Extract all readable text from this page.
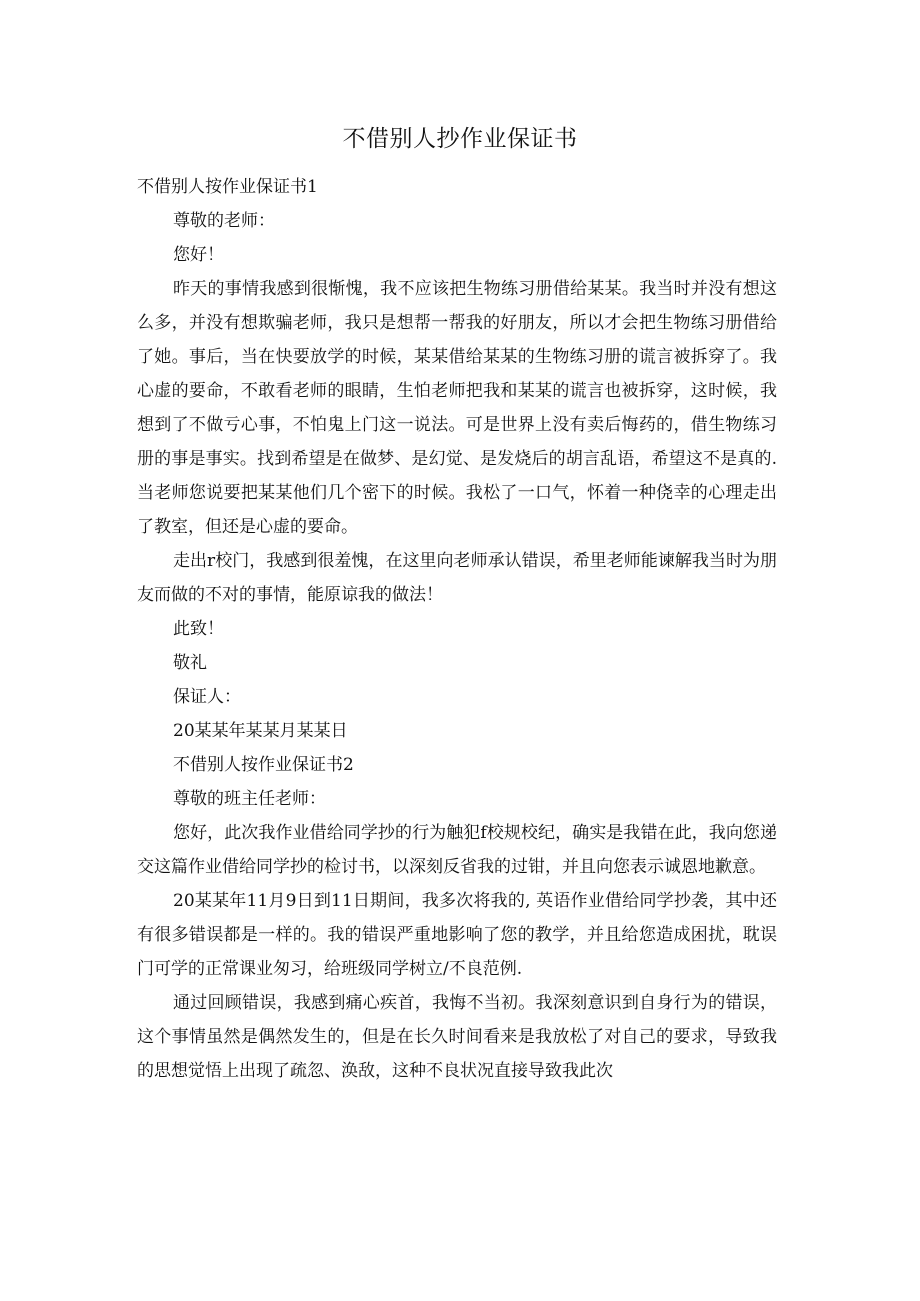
不借别人抄作业保证书

不借别人按作业保证书1

尊敬的老师：

您好！

昨天的事情我感到很惭愧，我不应该把生物练习册借给某某。我当时并没有想这么多，并没有想欺骗老师，我只是想帮一帮我的好朋友，所以才会把生物练习册借给了她。事后，当在快要放学的时候，某某借给某某的生物练习册的谎言被拆穿了。我心虚的要命，不敢看老师的眼睛，生怕老师把我和某某的谎言也被拆穿，这时候，我想到了不做亏心事，不怕鬼上门这一说法。可是世界上没有卖后悔药的，借生物练习册的事是事实。找到希望是在做梦、是幻觉、是发烧后的胡言乱语，希望这不是真的. 当老师您说要把某某他们几个密下的时候。我松了一口气，怀着一种侥幸的心理走出了教室，但还是心虚的要命。

走出r校门，我感到很羞愧，在这里向老师承认错误，希里老师能谏解我当时为朋友而做的不对的事情，能原谅我的做法！

此致！

敬礼

保证人：

20某某年某某月某某日

不借别人按作业保证书2

尊敬的班主任老师：

您好，此次我作业借给同学抄的行为触犯f校规校纪，确实是我错在此，我向您递交这篇作业借给同学抄的检讨书，以深刻反省我的过钳，并且向您表示诚恩地歉意。

20某某年11月9日到11日期间，我多次将我的, 英语作业借给同学抄袭，其中还有很多错误都是一样的。我的错误严重地影响了您的教学，并且给您造成困扰，耽误门可学的正常课业匆习，给班级同学树立/不良范例.

通过回顾错误，我感到痛心疾首，我悔不当初。我深刻意识到自身行为的错误，这个事情虽然是偶然发生的，但是在长久时间看来是我放松了对自己的要求，导致我的思想觉悟上出现了疏忽、涣敌，这种不良状况直接导致我此次
